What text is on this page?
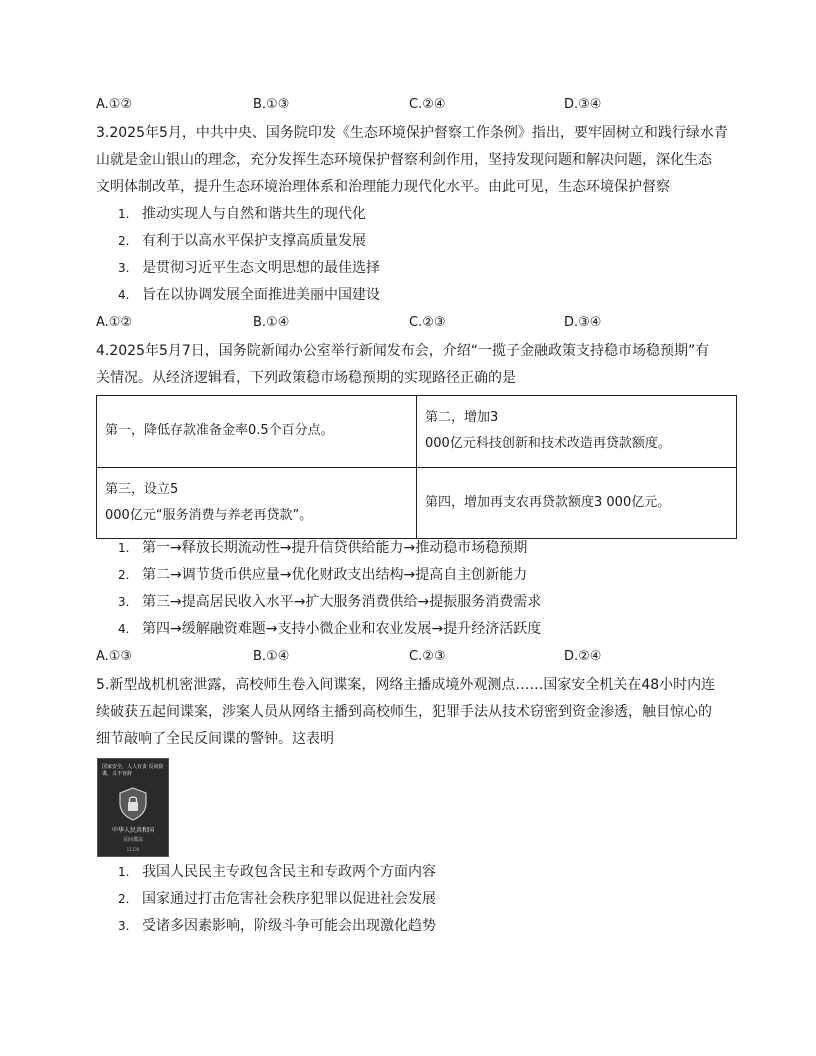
A.①②	B.①③	C.②④	D.③④
3.2025年5月，中共中央、国务院印发《生态环境保护督察工作条例》指出，要牢固树立和践行绿水青
山就是金山银山的理念，充分发挥生态环境保护督察利剑作用，坚持发现问题和解决问题，深化生态
文明体制改革，提升生态环境治理体系和治理能力现代化水平。由此可见，生态环境保护督察
1. 推动实现人与自然和谐共生的现代化
2. 有利于以高水平保护支撑高质量发展
3. 是贯彻习近平生态文明思想的最佳选择
4. 旨在以协调发展全面推进美丽中国建设
A.①②	B.①④	C.②③	D.③④
4.2025年5月7日，国务院新闻办公室举行新闻发布会，介绍“一揽子金融政策支持稳市场稳预期”有
关情况。从经济逻辑看，下列政策稳市场稳预期的实现路径正确的是
第一，降低存款准备金率0.5个百分点。	第二，增加3
000亿元科技创新和技术改造再贷款额度。

第三，设立5
000亿元“服务消费与养老再贷款”。	第四，增加再支农再贷款额度3 000亿元。
1. 第一→释放长期流动性→提升信贷供给能力→推动稳市场稳预期
2. 第二→调节货币供应量→优化财政支出结构→提高自主创新能力
3. 第三→提高居民收入水平→扩大服务消费供给→提振服务消费需求
4. 第四→缓解融资难题→支持小微企业和农业发展→提升经济活跃度
A.①③	B.①④	C.②③	D.②④
5.新型战机机密泄露，高校师生卷入间谍案，网络主播成境外观测点……国家安全机关在48小时内连
续破获五起间谍案，涉案人员从网络主播到高校师生，犯罪手法从技术窃密到资金渗透，触目惊心的
细节敲响了全民反间谍的警钟。这表明
国家安全，人人有责 反间防谍，义不容辞
中华人民共和国
反间谍法
12339
1. 我国人民民主专政包含民主和专政两个方面内容
2. 国家通过打击危害社会秩序犯罪以促进社会发展
3. 受诸多因素影响，阶级斗争可能会出现激化趋势
